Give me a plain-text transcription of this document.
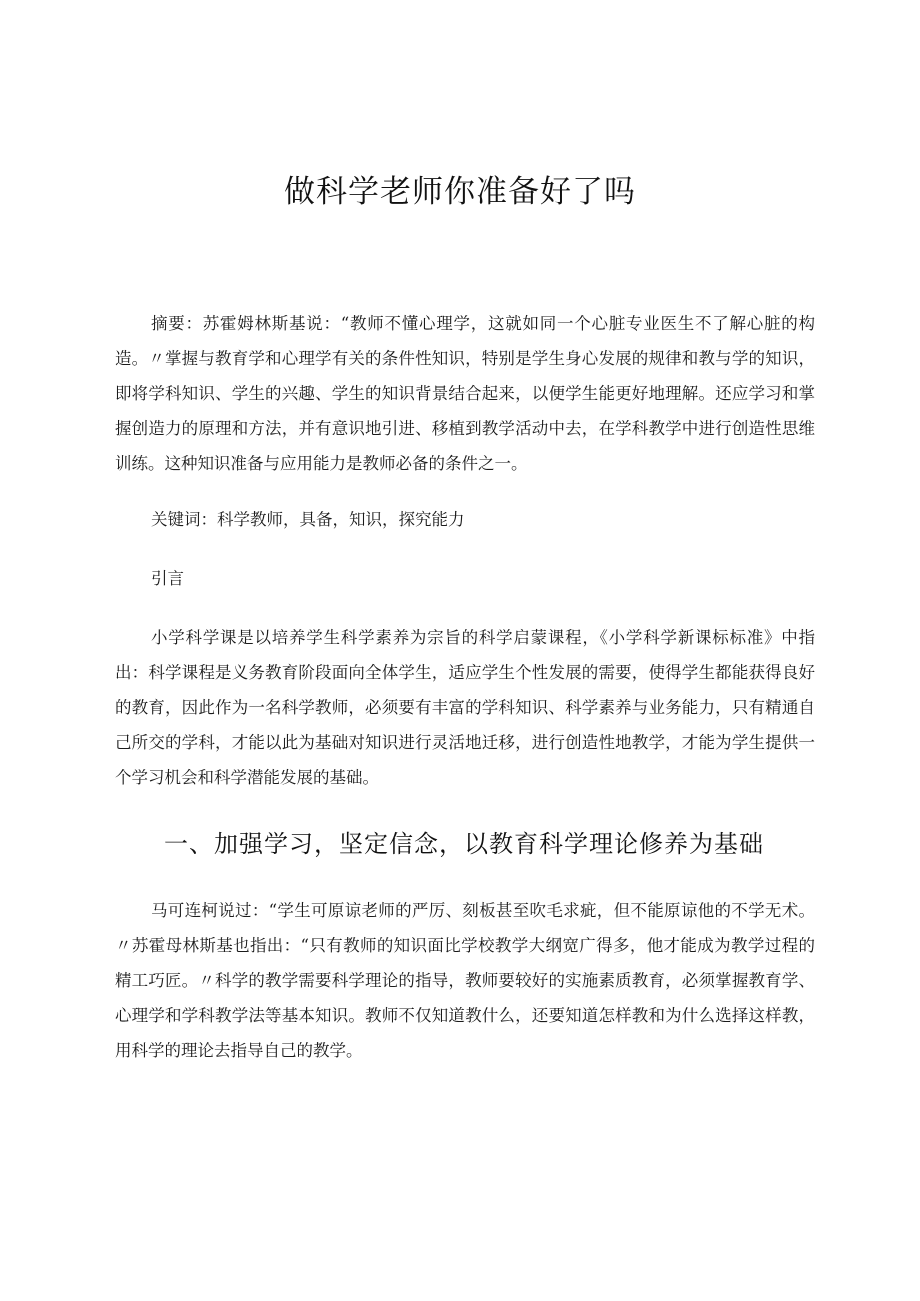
做科学老师你准备好了吗

摘要：苏霍姆林斯基说：“教师不懂心理学，这就如同一个心脏专业医生不了解心脏的构造。〃掌握与教育学和心理学有关的条件性知识，特别是学生身心发展的规律和教与学的知识，即将学科知识、学生的兴趣、学生的知识背景结合起来，以便学生能更好地理解。还应学习和掌握创造力的原理和方法，并有意识地引进、移植到教学活动中去，在学科教学中进行创造性思维训练。这种知识准备与应用能力是教师必备的条件之一。

关键词：科学教师，具备，知识，探究能力

引言

小学科学课是以培养学生科学素养为宗旨的科学启蒙课程，《小学科学新课标标准》中指出：科学课程是义务教育阶段面向全体学生，适应学生个性发展的需要，使得学生都能获得良好的教育，因此作为一名科学教师，必须要有丰富的学科知识、科学素养与业务能力，只有精通自己所交的学科，才能以此为基础对知识进行灵活地迁移，进行创造性地教学，才能为学生提供一个学习机会和科学潜能发展的基础。

一、加强学习，坚定信念，以教育科学理论修养为基础

马可连柯说过：“学生可原谅老师的严厉、刻板甚至吹毛求疵，但不能原谅他的不学无术。〃苏霍母林斯基也指出：“只有教师的知识面比学校教学大纲宽广得多，他才能成为教学过程的精工巧匠。〃科学的教学需要科学理论的指导，教师要较好的实施素质教育，必须掌握教育学、心理学和学科教学法等基本知识。教师不仅知道教什么，还要知道怎样教和为什么选择这样教，用科学的理论去指导自己的教学。
